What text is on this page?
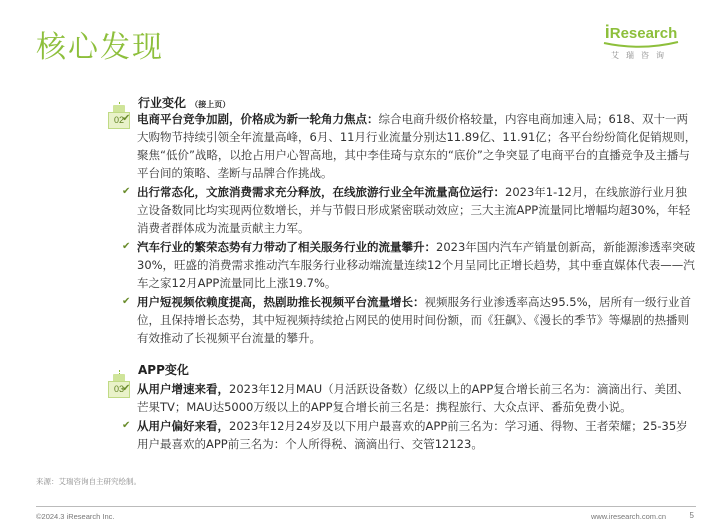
核心发现	iResearch
艾瑞咨询
行业变化 （接上页）
02
✔ 电商平台竞争加剧，价格成为新一轮角力焦点：综合电商升级价格较量，内容电商加速入局；618、双十一两大购物节持续引领全年流量高峰，6月、11月行业流量分别达11.89亿、11.91亿；各平台纷纷简化促销规则，聚焦“低价”战略，以抢占用户心智高地，其中李佳琦与京东的“底价”之争突显了电商平台的直播竞争及主播与平台间的策略、垄断与品牌合作挑战。
✔ 出行常态化，文旅消费需求充分释放，在线旅游行业全年流量高位运行：2023年1-12月，在线旅游行业月独立设备数同比均实现两位数增长，并与节假日形成紧密联动效应；三大主流APP流量同比增幅均超30%，年轻消费者群体成为流量贡献主力军。
✔ 汽车行业的繁荣态势有力带动了相关服务行业的流量攀升：2023年国内汽车产销量创新高，新能源渗透率突破30%，旺盛的消费需求推动汽车服务行业移动端流量连续12个月呈同比正增长趋势，其中垂直媒体代表——汽车之家12月APP流量同比上涨19.7%。
✔ 用户短视频依赖度提高，热剧助推长视频平台流量增长：视频服务行业渗透率高达95.5%，居所有一级行业首位，且保持增长态势，其中短视频持续抢占网民的使用时间份额，而《狂飙》、《漫长的季节》等爆剧的热播则有效推动了长视频平台流量的攀升。
APP变化
03
✔ 从用户增速来看，2023年12月MAU（月活跃设备数）亿级以上的APP复合增长前三名为：滴滴出行、美团、芒果TV；MAU达5000万级以上的APP复合增长前三名是：携程旅行、大众点评、番茄免费小说。
✔ 从用户偏好来看，2023年12月24岁及以下用户最喜欢的APP前三名为：学习通、得物、王者荣耀；25-35岁用户最喜欢的APP前三名为：个人所得税、滴滴出行、交管12123。
来源：艾瑞咨询自主研究绘制。
©2024.3 iResearch Inc.	www.iresearch.com.cn	5
